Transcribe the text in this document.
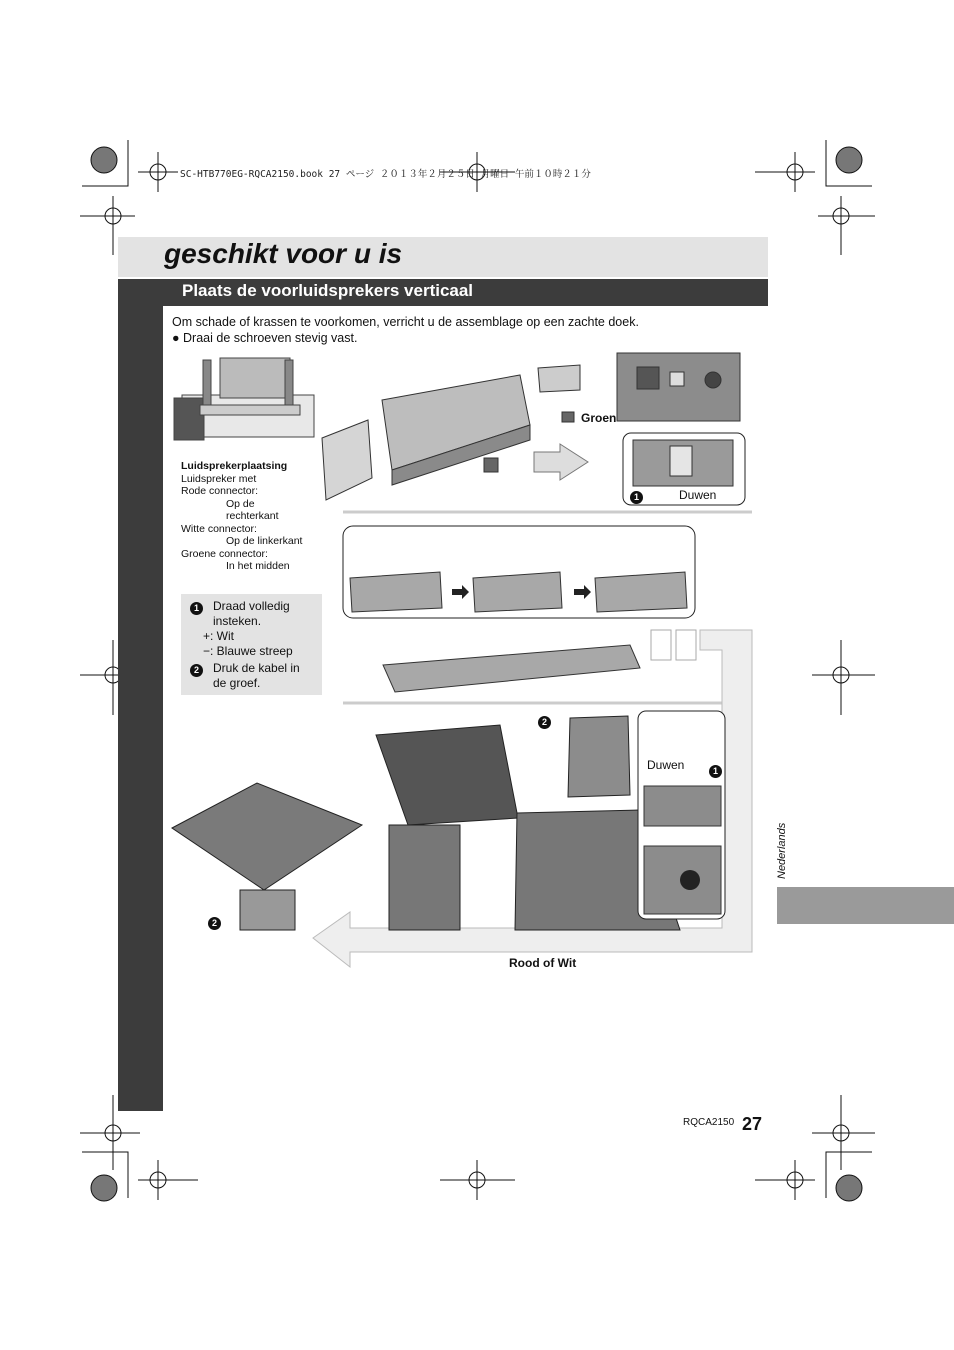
SC-HTB770EG-RQCA2150.book 27 ページ ２０１３年２月２５日 月曜日 午前１０時２１分
geschikt voor u is
Plaats de voorluidsprekers verticaal
Om schade of krassen te voorkomen, verricht u de assemblage op een zachte doek.
● Draai de schroeven stevig vast.
Luidsprekerplaatsing
Luidspreker met
Rode connector:
Op de
rechterkant
Witte connector:
Op de linkerkant
Groene connector:
In het midden
1	Draad volledig
insteken.
+: Wit
−: Blauwe streep
2	Druk de kabel in
de groef.
Groen
Duwen
Duwen
Rood of Wit
1
1
2
2
Nederlands
RQCA2150 27
